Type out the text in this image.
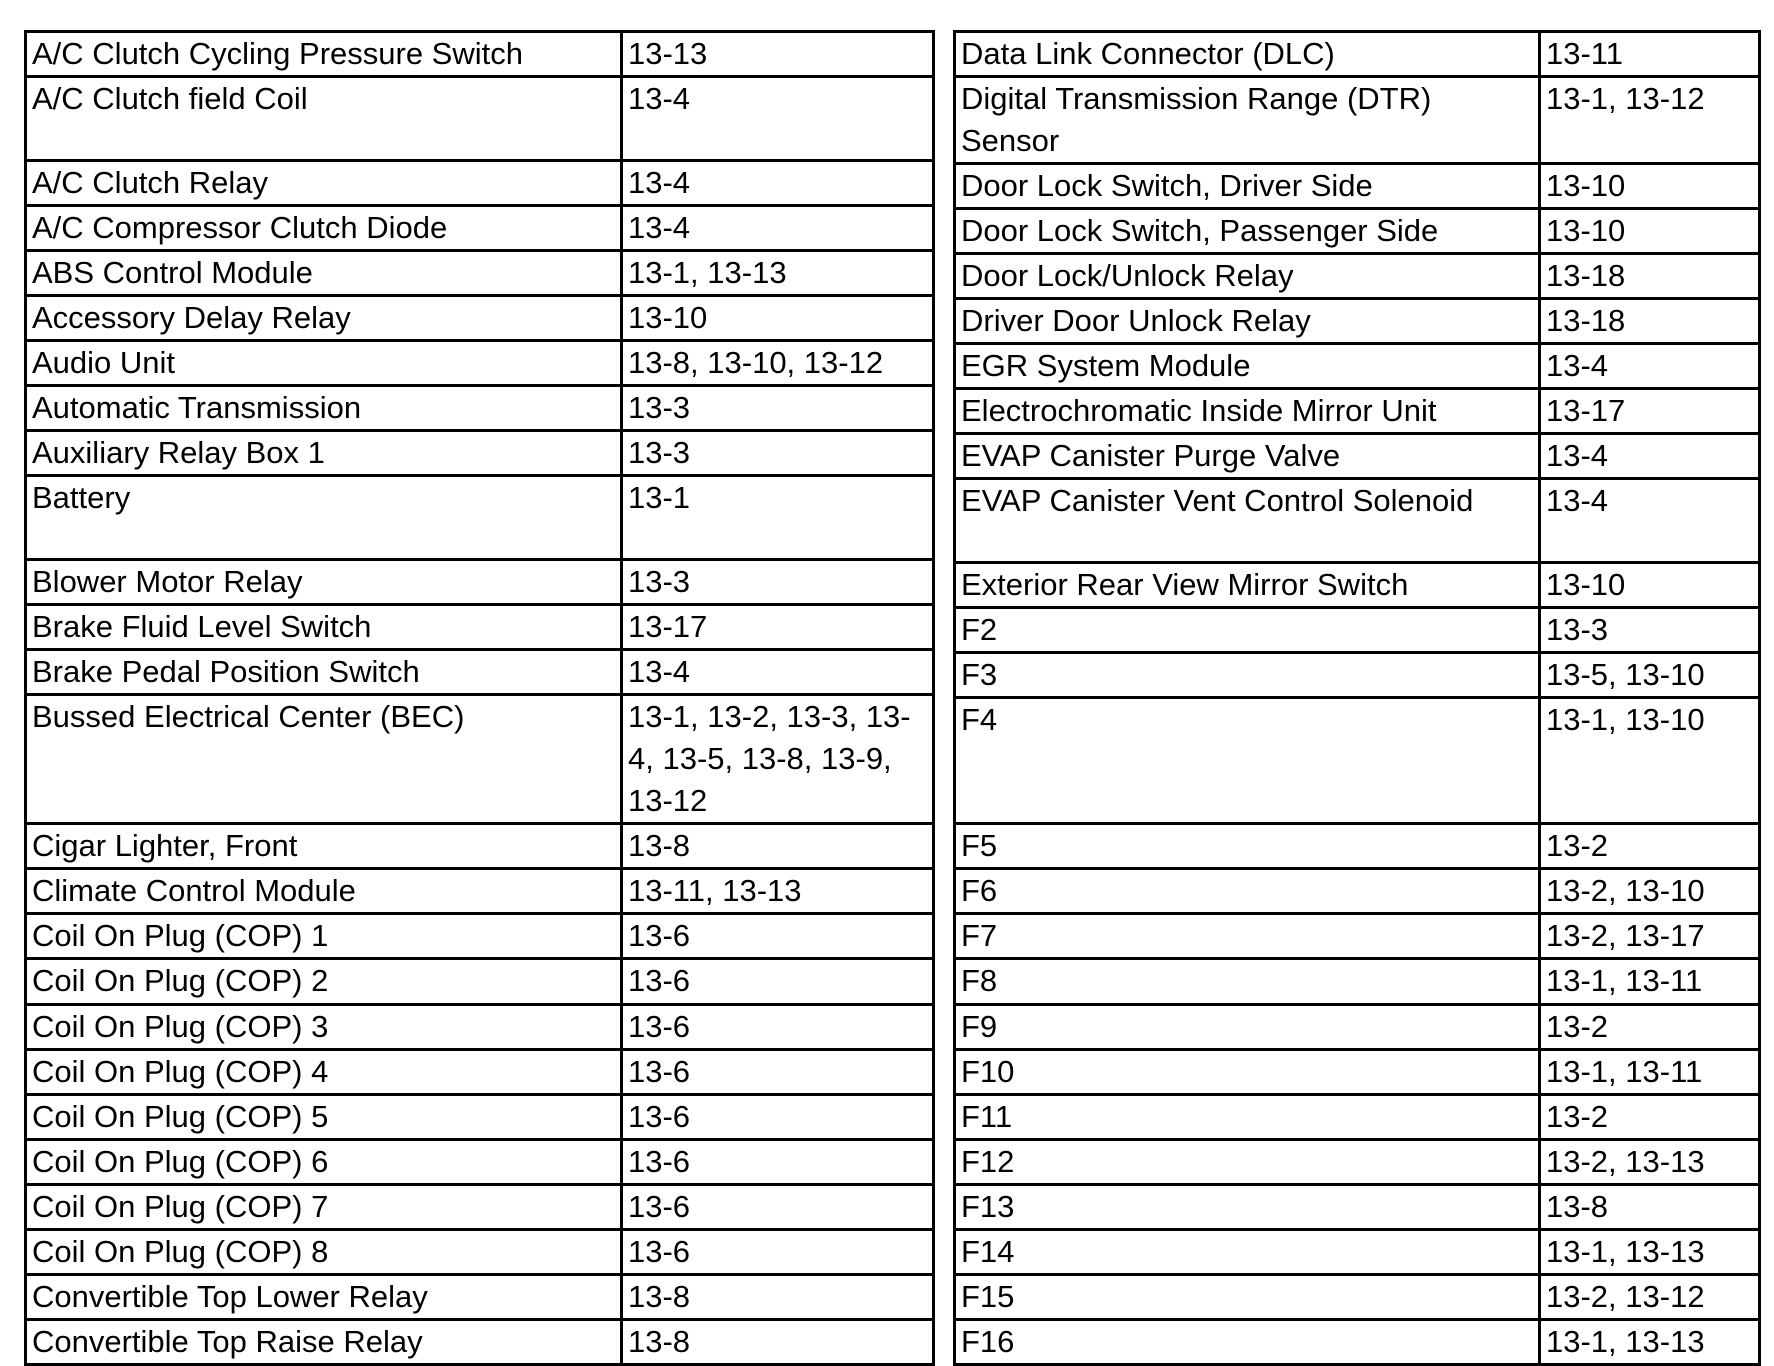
A/C Clutch Cycling Pressure Switch	13-13
A/C Clutch field Coil	13-4
A/C Clutch Relay	13-4
A/C Compressor Clutch Diode	13-4
ABS Control Module	13-1, 13-13
Accessory Delay Relay	13-10
Audio Unit	13-8, 13-10, 13-12
Automatic Transmission	13-3
Auxiliary Relay Box 1	13-3
Battery	13-1
Blower Motor Relay	13-3
Brake Fluid Level Switch	13-17
Brake Pedal Position Switch	13-4
Bussed Electrical Center (BEC)	13-1, 13-2, 13-3, 13-4, 13-5, 13-8, 13-9, 13-12
Cigar Lighter, Front	13-8
Climate Control Module	13-11, 13-13
Coil On Plug (COP) 1	13-6
Coil On Plug (COP) 2	13-6
Coil On Plug (COP) 3	13-6
Coil On Plug (COP) 4	13-6
Coil On Plug (COP) 5	13-6
Coil On Plug (COP) 6	13-6
Coil On Plug (COP) 7	13-6
Coil On Plug (COP) 8	13-6
Convertible Top Lower Relay	13-8
Convertible Top Raise Relay	13-8
Data Link Connector (DLC)	13-11
Digital Transmission Range (DTR) Sensor	13-1, 13-12
Door Lock Switch, Driver Side	13-10
Door Lock Switch, Passenger Side	13-10
Door Lock/Unlock Relay	13-18
Driver Door Unlock Relay	13-18
EGR System Module	13-4
Electrochromatic Inside Mirror Unit	13-17
EVAP Canister Purge Valve	13-4
EVAP Canister Vent Control Solenoid	13-4
Exterior Rear View Mirror Switch	13-10
F2	13-3
F3	13-5, 13-10
F4	13-1, 13-10
F5	13-2
F6	13-2, 13-10
F7	13-2, 13-17
F8	13-1, 13-11
F9	13-2
F10	13-1, 13-11
F11	13-2
F12	13-2, 13-13
F13	13-8
F14	13-1, 13-13
F15	13-2, 13-12
F16	13-1, 13-13
